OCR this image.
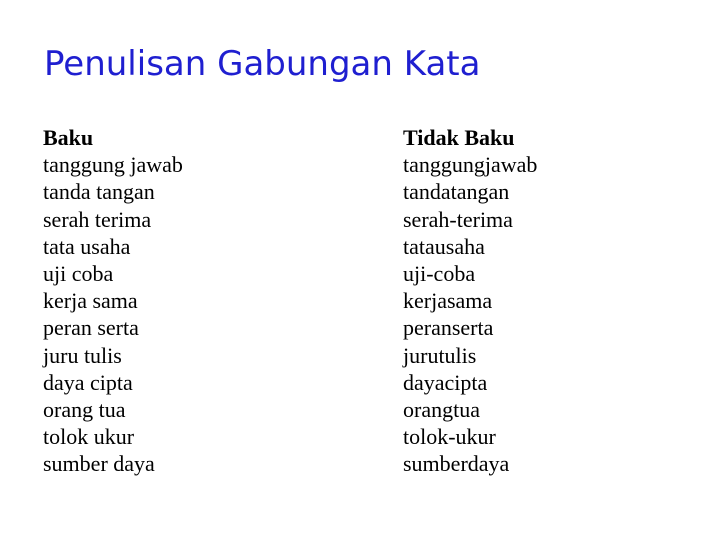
Penulisan Gabungan Kata
Baku
tanggung jawab
tanda tangan
serah terima
tata usaha
uji coba
kerja sama
peran serta
juru tulis
daya cipta
orang tua
tolok ukur
sumber daya
Tidak Baku
tanggungjawab
tandatangan
serah-terima
tatausaha
uji-coba
kerjasama
peranserta
jurutulis
dayacipta
orangtua
tolok-ukur
sumberdaya
